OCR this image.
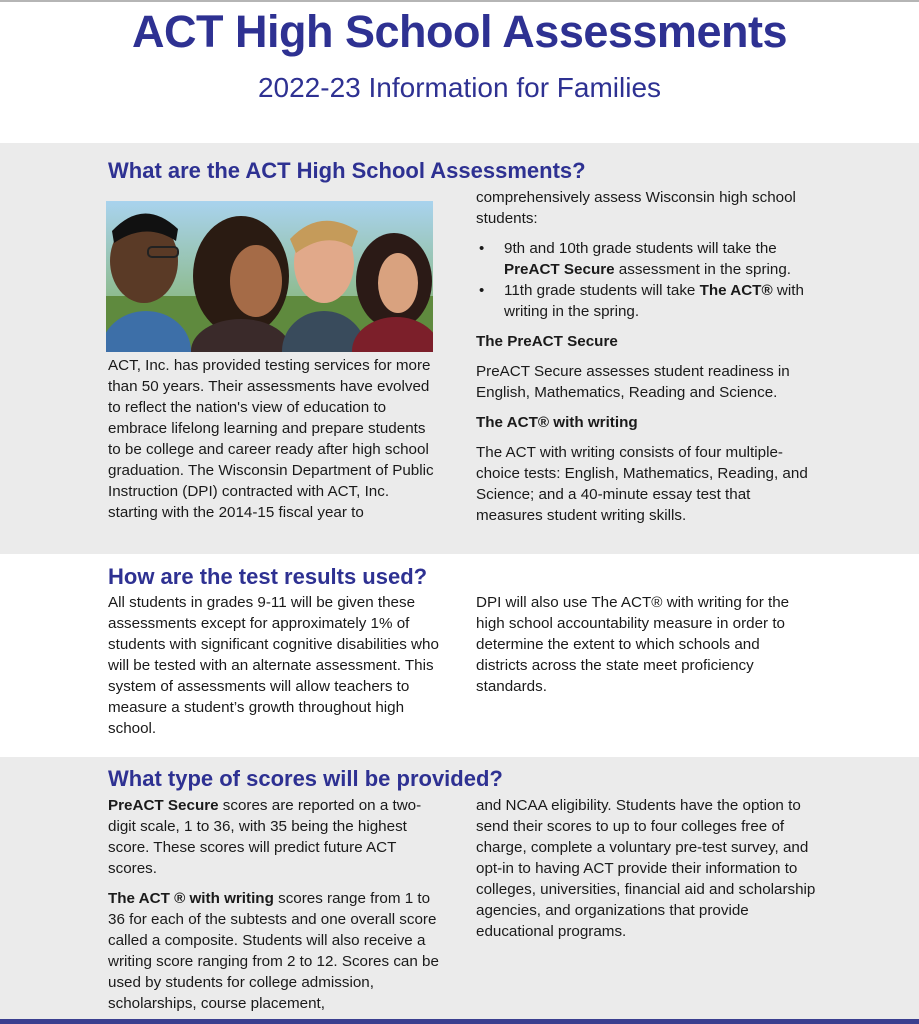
ACT High School Assessments
2022-23 Information for Families
What are the ACT High School Assessments?

ACT, Inc. has provided testing services for more than 50 years. Their assessments have evolved to reflect the nation's view of education to embrace lifelong learning and prepare students to be college and career ready after high school graduation. The Wisconsin Department of Public Instruction (DPI) contracted with ACT, Inc. starting with the 2014-15 fiscal year to

comprehensively assess Wisconsin high school students:

• 9th and 10th grade students will take the PreACT Secure assessment in the spring.
• 11th grade students will take The ACT® with writing in the spring.

The PreACT Secure

PreACT Secure assesses student readiness in English, Mathematics, Reading and Science.

The ACT® with writing

The ACT with writing consists of four multiple-choice tests: English, Mathematics, Reading, and Science; and a 40-minute essay test that measures student writing skills.

How are the test results used?

All students in grades 9-11 will be given these assessments except for approximately 1% of students with significant cognitive disabilities who will be tested with an alternate assessment. This system of assessments will allow teachers to measure a student’s growth throughout high school.

DPI will also use The ACT® with writing for the high school accountability measure in order to determine the extent to which schools and districts across the state meet proficiency standards.

What type of scores will be provided?

PreACT Secure scores are reported on a two-digit scale, 1 to 36, with 35 being the highest score. These scores will predict future ACT scores.

The ACT ® with writing scores range from 1 to 36 for each of the subtests and one overall score called a composite. Students will also receive a writing score ranging from 2 to 12. Scores can be used by students for college admission, scholarships, course placement,

and NCAA eligibility. Students have the option to send their scores to up to four colleges free of charge, complete a voluntary pre-test survey, and opt-in to having ACT provide their information to colleges, universities, financial aid and scholarship agencies, and organizations that provide educational programs.
